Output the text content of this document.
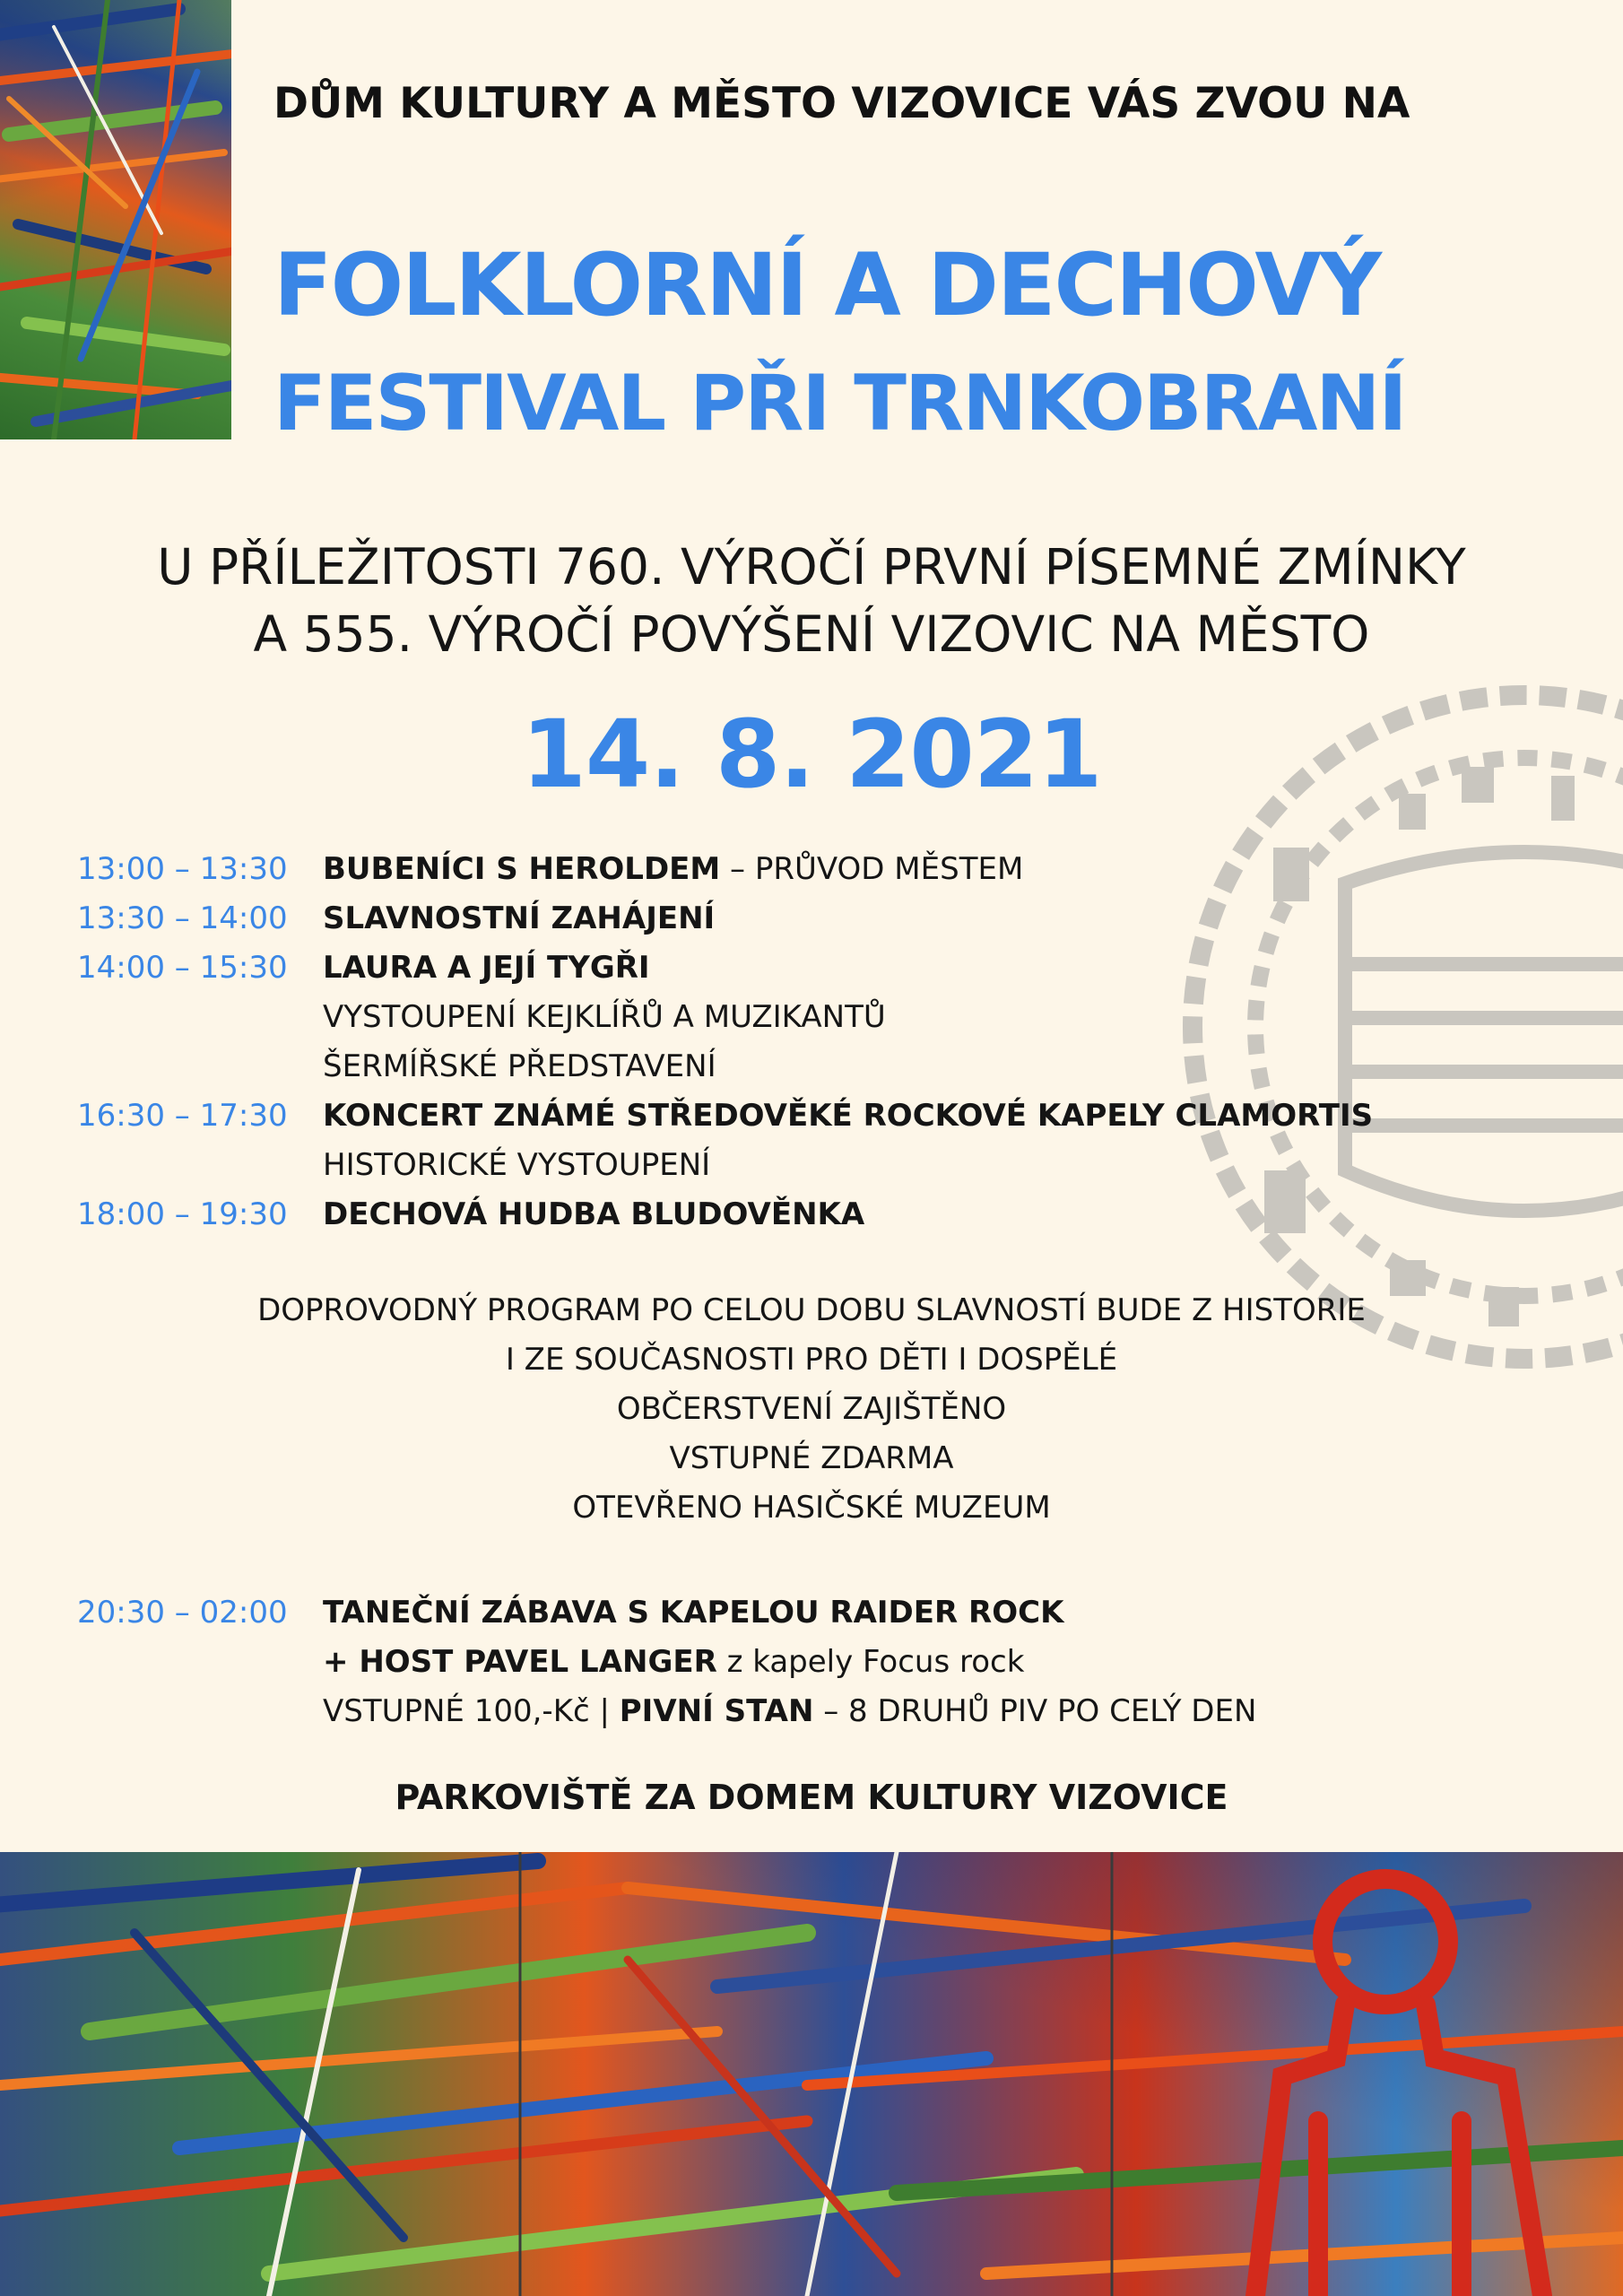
DŮM KULTURY A MĚSTO VIZOVICE VÁS ZVOU NA
FOLKLORNÍ A DECHOVÝ
FESTIVAL PŘI TRNKOBRANÍ
U PŘÍLEŽITOSTI 760. VÝROČÍ PRVNÍ PÍSEMNÉ ZMÍNKY
A 555. VÝROČÍ POVÝŠENÍ VIZOVIC NA MĚSTO
14. 8. 2021
13:00 – 13:30 BUBENÍCI S HEROLDEM – PRŮVOD MĚSTEM
13:30 – 14:00 SLAVNOSTNÍ ZAHÁJENÍ
14:00 – 15:30 LAURA A JEJÍ TYGŘI
VYSTOUPENÍ KEJKLÍŘŮ A MUZIKANTŮ
ŠERMÍŘSKÉ PŘEDSTAVENÍ
16:30 – 17:30 KONCERT ZNÁMÉ STŘEDOVĚKÉ ROCKOVÉ KAPELY CLAMORTIS
HISTORICKÉ VYSTOUPENÍ
18:00 – 19:30 DECHOVÁ HUDBA BLUDOVĚNKA
DOPROVODNÝ PROGRAM PO CELOU DOBU SLAVNOSTÍ BUDE Z HISTORIE
I ZE SOUČASNOSTI PRO DĚTI I DOSPĚLÉ
OBČERSTVENÍ ZAJIŠTĚNO
VSTUPNÉ ZDARMA
OTEVŘENO HASIČSKÉ MUZEUM
20:30 – 02:00 TANEČNÍ ZÁBAVA S KAPELOU RAIDER ROCK
+ HOST PAVEL LANGER z kapely Focus rock
VSTUPNÉ 100,-Kč | PIVNÍ STAN – 8 DRUHŮ PIV PO CELÝ DEN
PARKOVIŠTĚ ZA DOMEM KULTURY VIZOVICE
